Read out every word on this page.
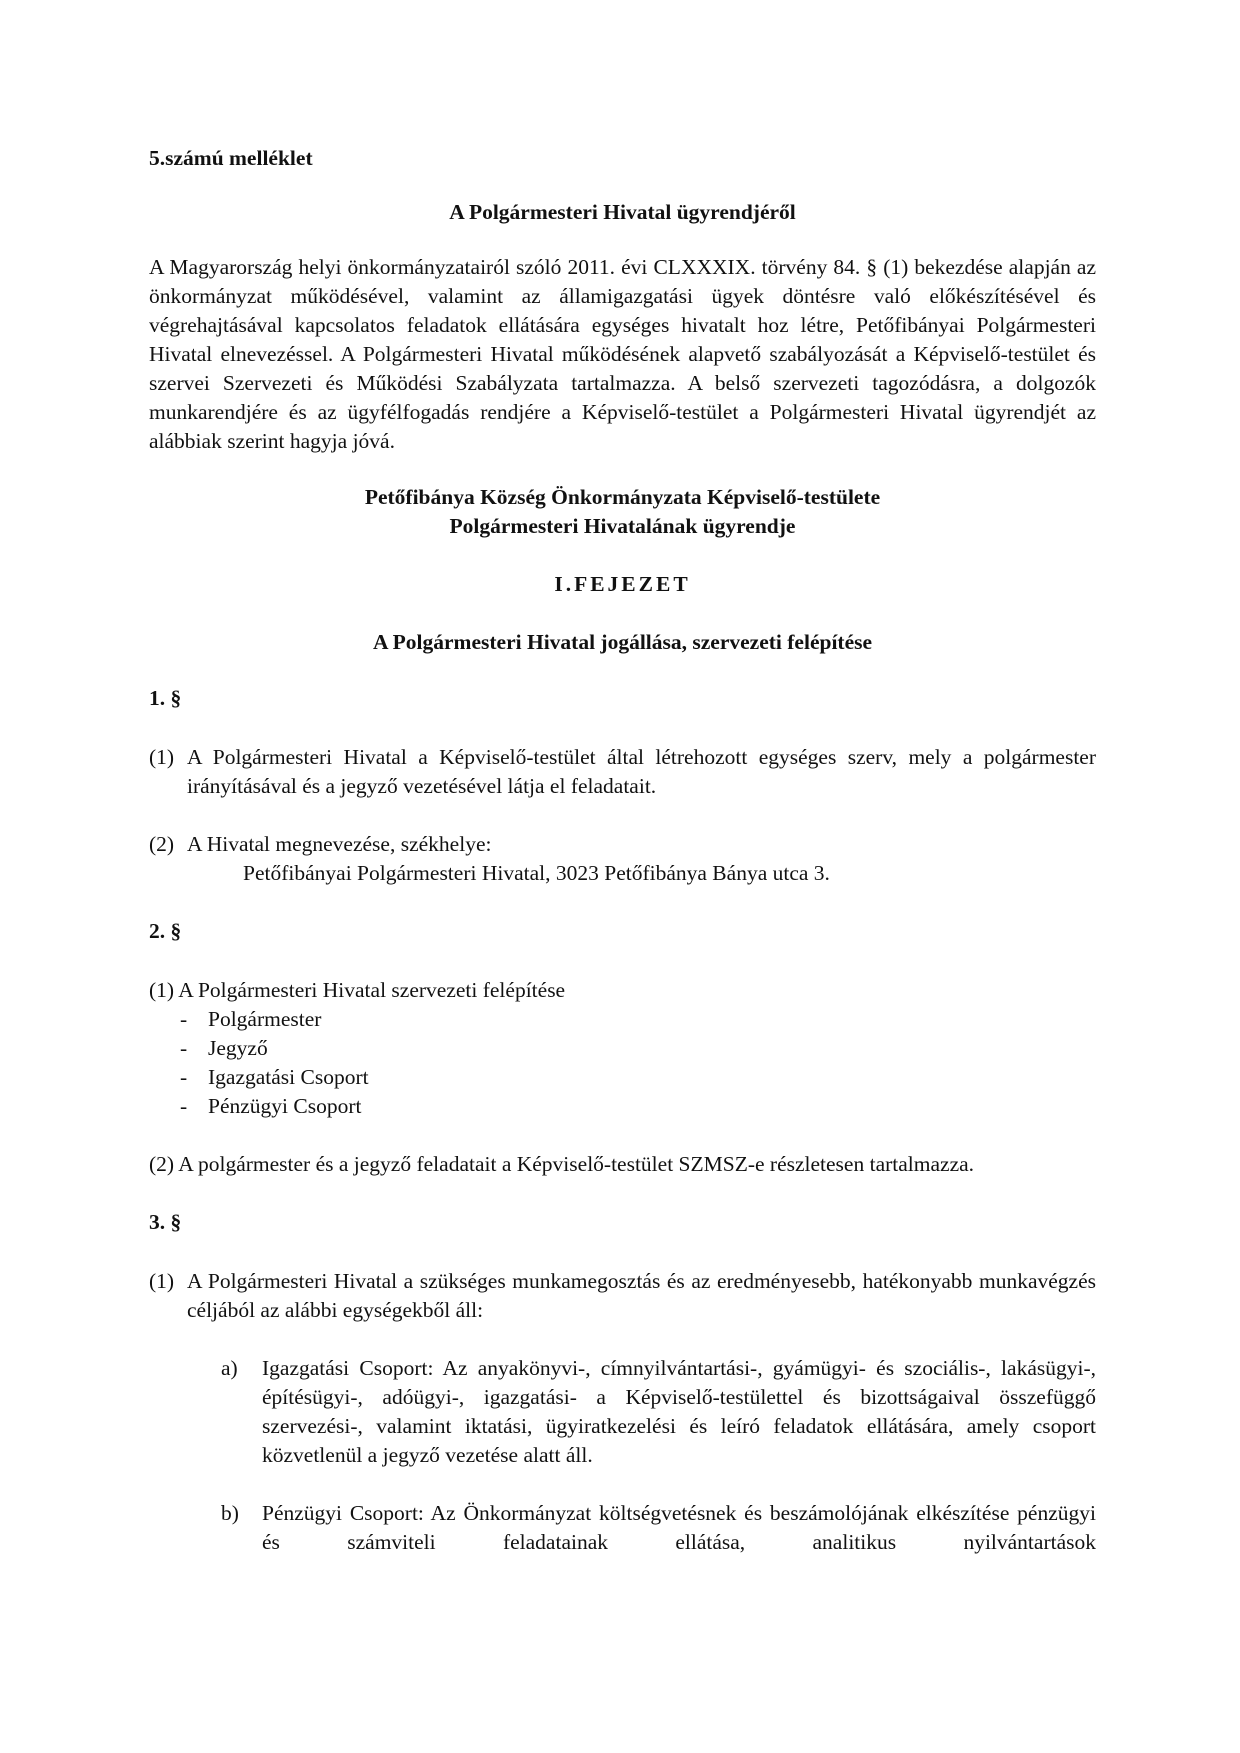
5.számú melléklet

A Polgármesteri Hivatal ügyrendjéről

A Magyarország helyi önkormányzatairól szóló 2011. évi CLXXXIX. törvény 84. § (1) bekezdése alapján az önkormányzat működésével, valamint az államigazgatási ügyek döntésre való előkészítésével és végrehajtásával kapcsolatos feladatok ellátására egységes hivatalt hoz létre, Petőfibányai Polgármesteri Hivatal elnevezéssel. A Polgármesteri Hivatal működésének alapvető szabályozását a Képviselő-testület és szervei Szervezeti és Működési Szabályzata tartalmazza. A belső szervezeti tagozódásra, a dolgozók munkarendjére és az ügyfélfogadás rendjére a Képviselő-testület a Polgármesteri Hivatal ügyrendjét az alábbiak szerint hagyja jóvá.

Petőfibánya Község Önkormányzata Képviselő-testülete
Polgármesteri Hivatalának ügyrendje

I.FEJEZET

A Polgármesteri Hivatal jogállása, szervezeti felépítése

1. §

(1) A Polgármesteri Hivatal a Képviselő-testület által létrehozott egységes szerv, mely a polgármester irányításával és a jegyző vezetésével látja el feladatait.
(2) A Hivatal megnevezése, székhelye:
Petőfibányai Polgármesteri Hivatal, 3023 Petőfibánya Bánya utca 3.

2. §

(1) A Polgármesteri Hivatal szervezeti felépítése
- Polgármester
- Jegyző
- Igazgatási Csoport
- Pénzügyi Csoport

(2) A polgármester és a jegyző feladatait a Képviselő-testület SZMSZ-e részletesen tartalmazza.

3. §

(1) A Polgármesteri Hivatal a szükséges munkamegosztás és az eredményesebb, hatékonyabb munkavégzés céljából az alábbi egységekből áll:
a)	Igazgatási Csoport: Az anyakönyvi-, címnyilvántartási-, gyámügyi- és szociális-, lakásügyi-, építésügyi-, adóügyi-, igazgatási- a Képviselő-testülettel és bizottságaival összefüggő szervezési-, valamint iktatási, ügyiratkezelési és leíró feladatok ellátására, amely csoport közvetlenül a jegyző vezetése alatt áll.
b)	Pénzügyi Csoport: Az Önkormányzat költségvetésnek és beszámolójának elkészítése pénzügyi és számviteli feladatainak ellátása, analitikus nyilvántartások
